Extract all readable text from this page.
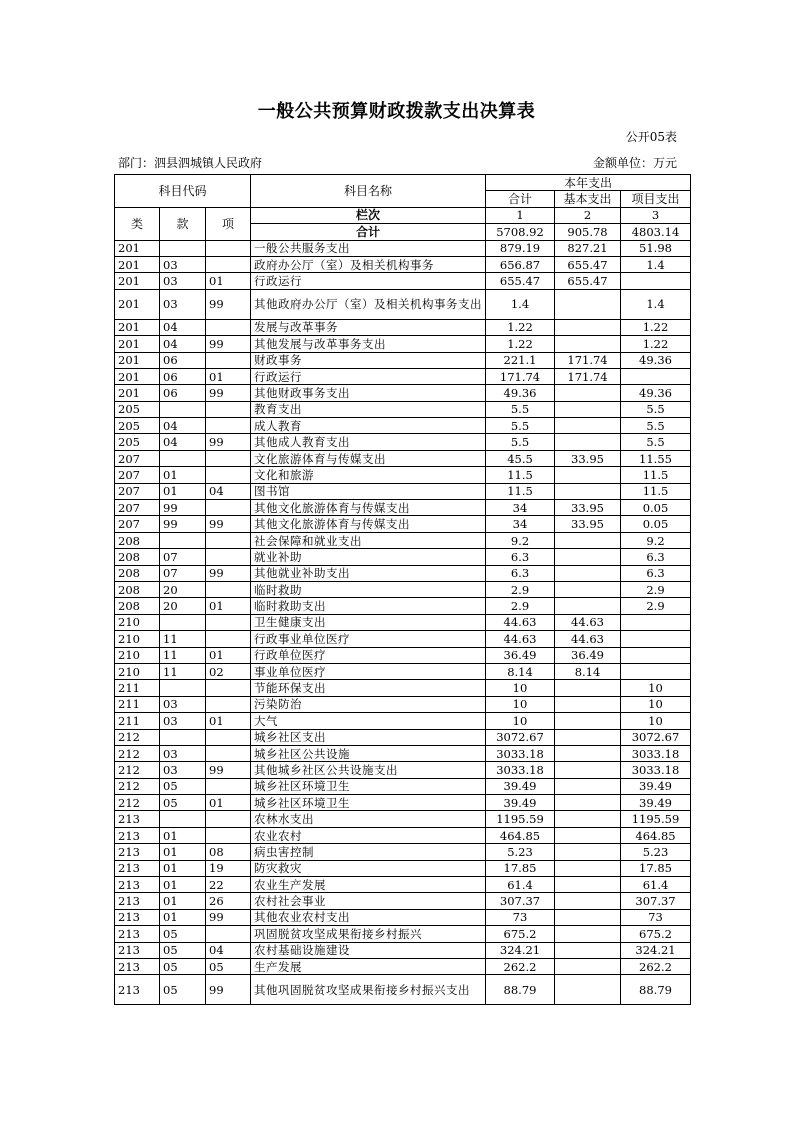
一般公共预算财政拨款支出决算表
公开05表
部门：泗县泗城镇人民政府	金额单位：万元
科目代码			科目名称	本年支出		
				合计	基本支出	项目支出
类	款	项	栏次	1	2	3
			合计	5708.92	905.78	4803.14
201			一般公共服务支出	879.19	827.21	51.98
201	03		政府办公厅（室）及相关机构事务	656.87	655.47	1.4
201	03	01	行政运行	655.47	655.47	
201	03	99	其他政府办公厅（室）及相关机构事务支出	1.4		1.4
201	04		发展与改革事务	1.22		1.22
201	04	99	其他发展与改革事务支出	1.22		1.22
201	06		财政事务	221.1	171.74	49.36
201	06	01	行政运行	171.74	171.74	
201	06	99	其他财政事务支出	49.36		49.36
205			教育支出	5.5		5.5
205	04		成人教育	5.5		5.5
205	04	99	其他成人教育支出	5.5		5.5
207			文化旅游体育与传媒支出	45.5	33.95	11.55
207	01		文化和旅游	11.5		11.5
207	01	04	图书馆	11.5		11.5
207	99		其他文化旅游体育与传媒支出	34	33.95	0.05
207	99	99	其他文化旅游体育与传媒支出	34	33.95	0.05
208			社会保障和就业支出	9.2		9.2
208	07		就业补助	6.3		6.3
208	07	99	其他就业补助支出	6.3		6.3
208	20		临时救助	2.9		2.9
208	20	01	临时救助支出	2.9		2.9
210			卫生健康支出	44.63	44.63	
210	11		行政事业单位医疗	44.63	44.63	
210	11	01	行政单位医疗	36.49	36.49	
210	11	02	事业单位医疗	8.14	8.14	
211			节能环保支出	10		10
211	03		污染防治	10		10
211	03	01	大气	10		10
212			城乡社区支出	3072.67		3072.67
212	03		城乡社区公共设施	3033.18		3033.18
212	03	99	其他城乡社区公共设施支出	3033.18		3033.18
212	05		城乡社区环境卫生	39.49		39.49
212	05	01	城乡社区环境卫生	39.49		39.49
213			农林水支出	1195.59		1195.59
213	01		农业农村	464.85		464.85
213	01	08	病虫害控制	5.23		5.23
213	01	19	防灾救灾	17.85		17.85
213	01	22	农业生产发展	61.4		61.4
213	01	26	农村社会事业	307.37		307.37
213	01	99	其他农业农村支出	73		73
213	05		巩固脱贫攻坚成果衔接乡村振兴	675.2		675.2
213	05	04	农村基础设施建设	324.21		324.21
213	05	05	生产发展	262.2		262.2
213	05	99	其他巩固脱贫攻坚成果衔接乡村振兴支出	88.79		88.79
